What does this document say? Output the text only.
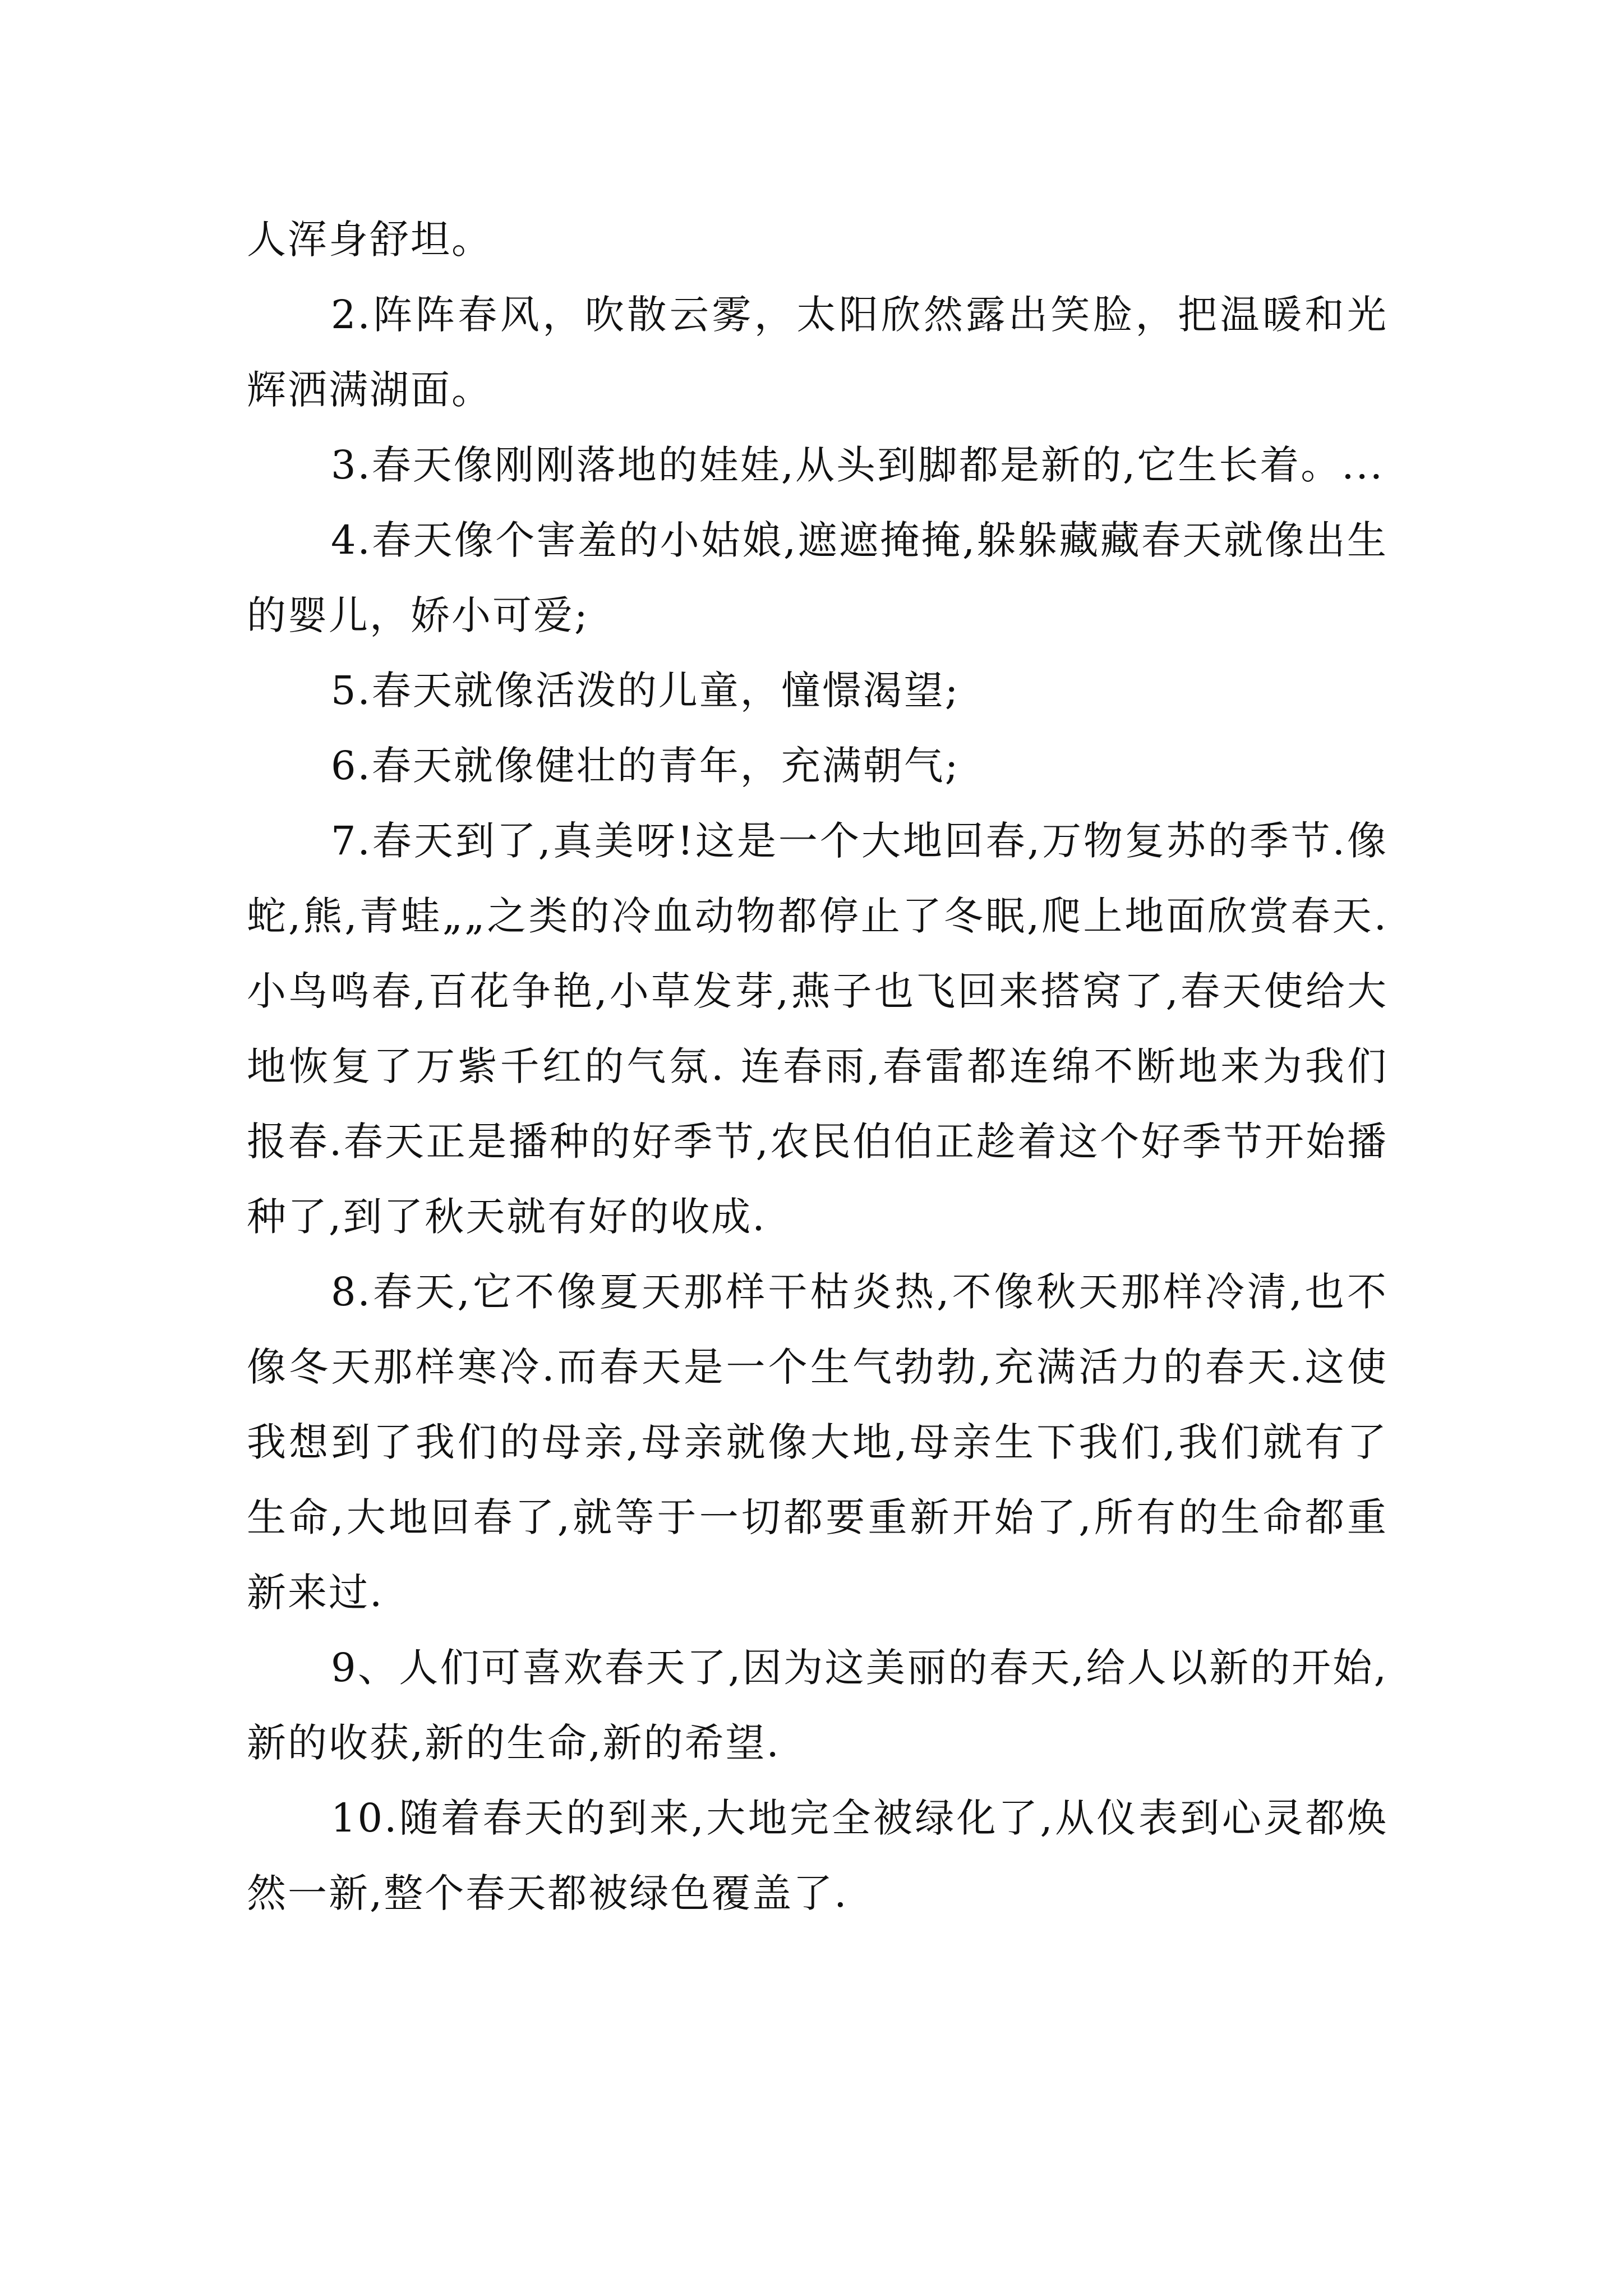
人浑身舒坦。

2.阵阵春风，吹散云雾，太阳欣然露出笑脸，把温暖和光辉洒满湖面。

3.春天像刚刚落地的娃娃,从头到脚都是新的,它生长着。...

4.春天像个害羞的小姑娘,遮遮掩掩,躲躲藏藏春天就像出生的婴儿，娇小可爱;

5.春天就像活泼的儿童，憧憬渴望;

6.春天就像健壮的青年，充满朝气;

7.春天到了,真美呀!这是一个大地回春,万物复苏的季节.像蛇,熊,青蛙„„之类的冷血动物都停止了冬眠,爬上地面欣赏春天.小鸟鸣春,百花争艳,小草发芽,燕子也飞回来搭窝了,春天使给大地恢复了万紫千红的气氛. 连春雨,春雷都连绵不断地来为我们报春.春天正是播种的好季节,农民伯伯正趁着这个好季节开始播种了,到了秋天就有好的收成.

8.春天,它不像夏天那样干枯炎热,不像秋天那样冷清,也不像冬天那样寒冷.而春天是一个生气勃勃,充满活力的春天.这使我想到了我们的母亲,母亲就像大地,母亲生下我们,我们就有了生命,大地回春了,就等于一切都要重新开始了,所有的生命都重新来过.

9、人们可喜欢春天了,因为这美丽的春天,给人以新的开始,新的收获,新的生命,新的希望.

10.随着春天的到来,大地完全被绿化了,从仪表到心灵都焕然一新,整个春天都被绿色覆盖了.
